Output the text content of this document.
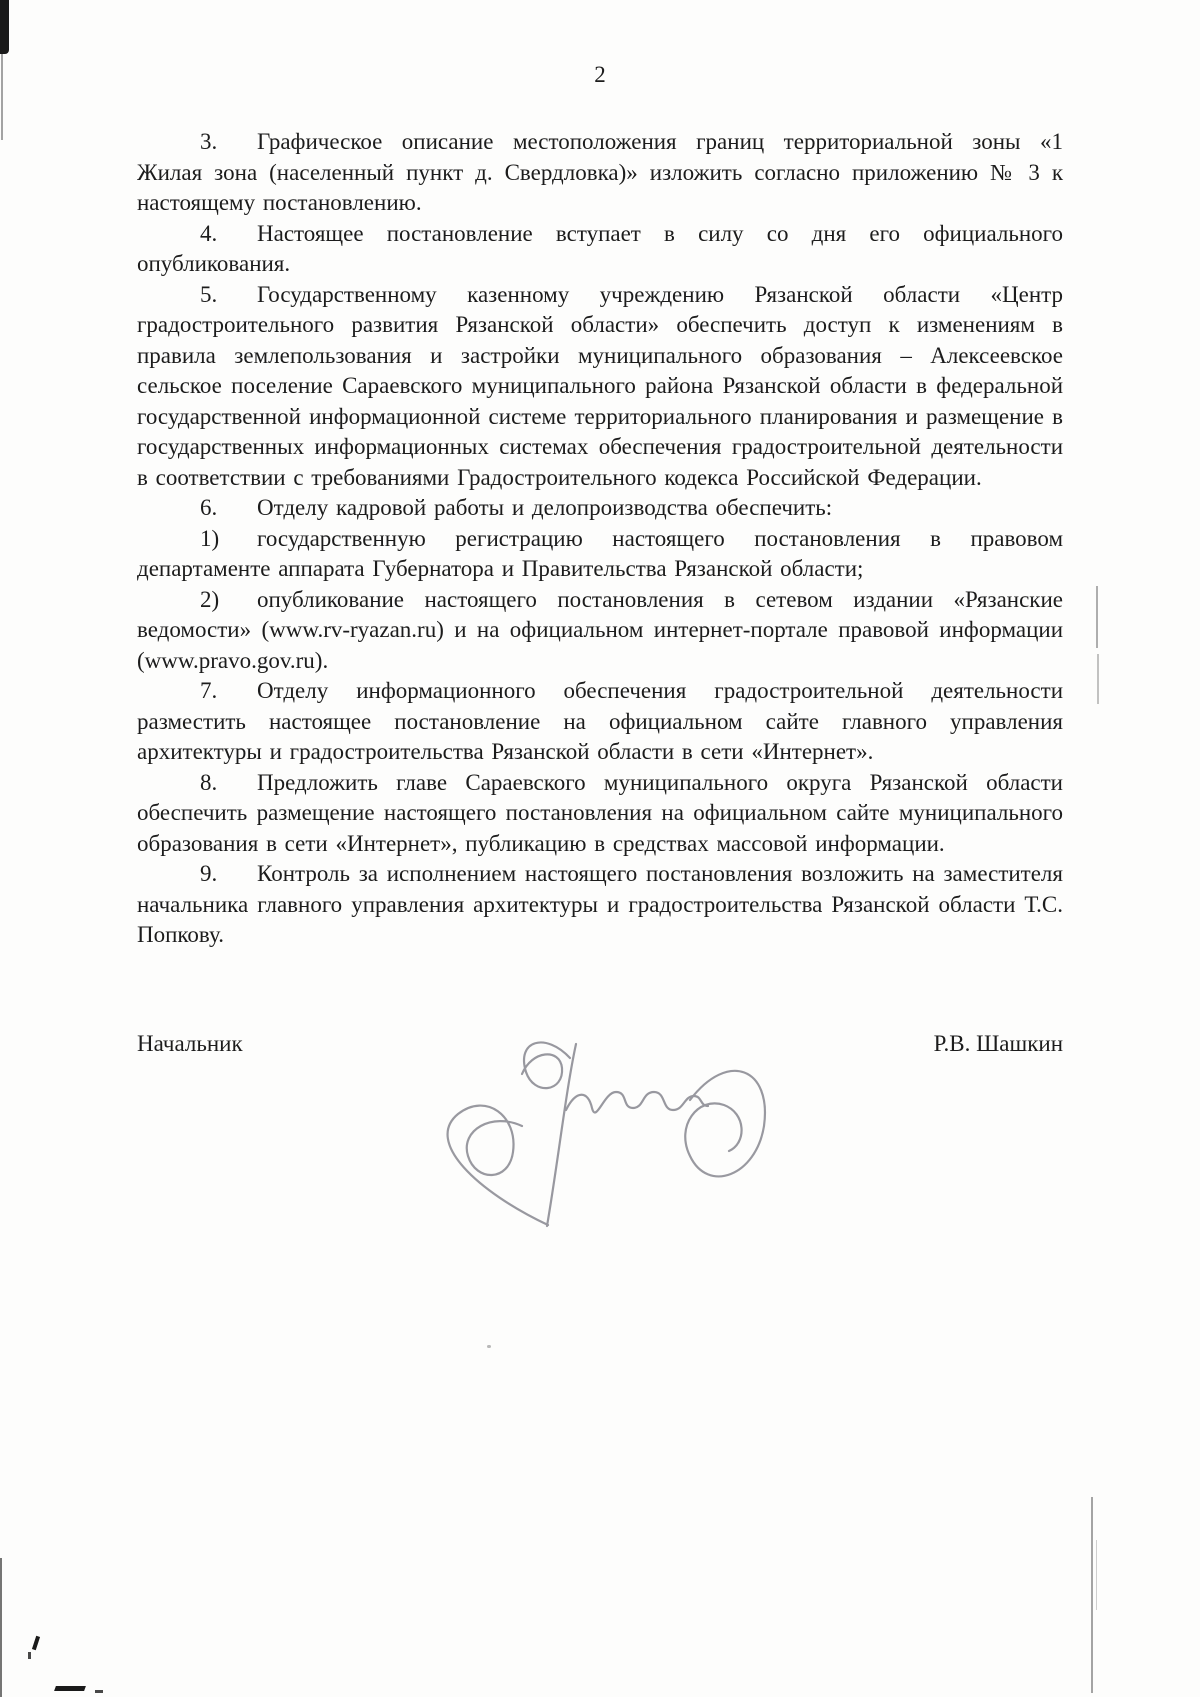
2

3. Графическое описание местоположения границ территориальной зоны «1 Жилая зона (населенный пункт д. Свердловка)» изложить согласно приложению № 3 к настоящему постановлению.

4. Настоящее постановление вступает в силу со дня его официального опубликования.

5. Государственному казенному учреждению Рязанской области «Центр градостроительного развития Рязанской области» обеспечить доступ к изменениям в правила землепользования и застройки муниципального образования – Алексеевское сельское поселение Сараевского муниципального района Рязанской области в федеральной государственной информационной системе территориального планирования и размещение в государственных информационных системах обеспечения градостроительной деятельности в соответствии с требованиями Градостроительного кодекса Российской Федерации.

6. Отделу кадровой работы и делопроизводства обеспечить:

1) государственную регистрацию настоящего постановления в правовом департаменте аппарата Губернатора и Правительства Рязанской области;

2) опубликование настоящего постановления в сетевом издании «Рязанские ведомости» (www.rv-ryazan.ru) и на официальном интернет-портале правовой информации (www.pravo.gov.ru).

7. Отделу информационного обеспечения градостроительной деятельности разместить настоящее постановление на официальном сайте главного управления архитектуры и градостроительства Рязанской области в сети «Интернет».

8. Предложить главе Сараевского муниципального округа Рязанской области обеспечить размещение настоящего постановления на официальном сайте муниципального образования в сети «Интернет», публикацию в средствах массовой информации.

9. Контроль за исполнением настоящего постановления возложить на заместителя начальника главного управления архитектуры и градостроительства Рязанской области Т.С. Попкову.

Начальник	Р.В. Шашкин
